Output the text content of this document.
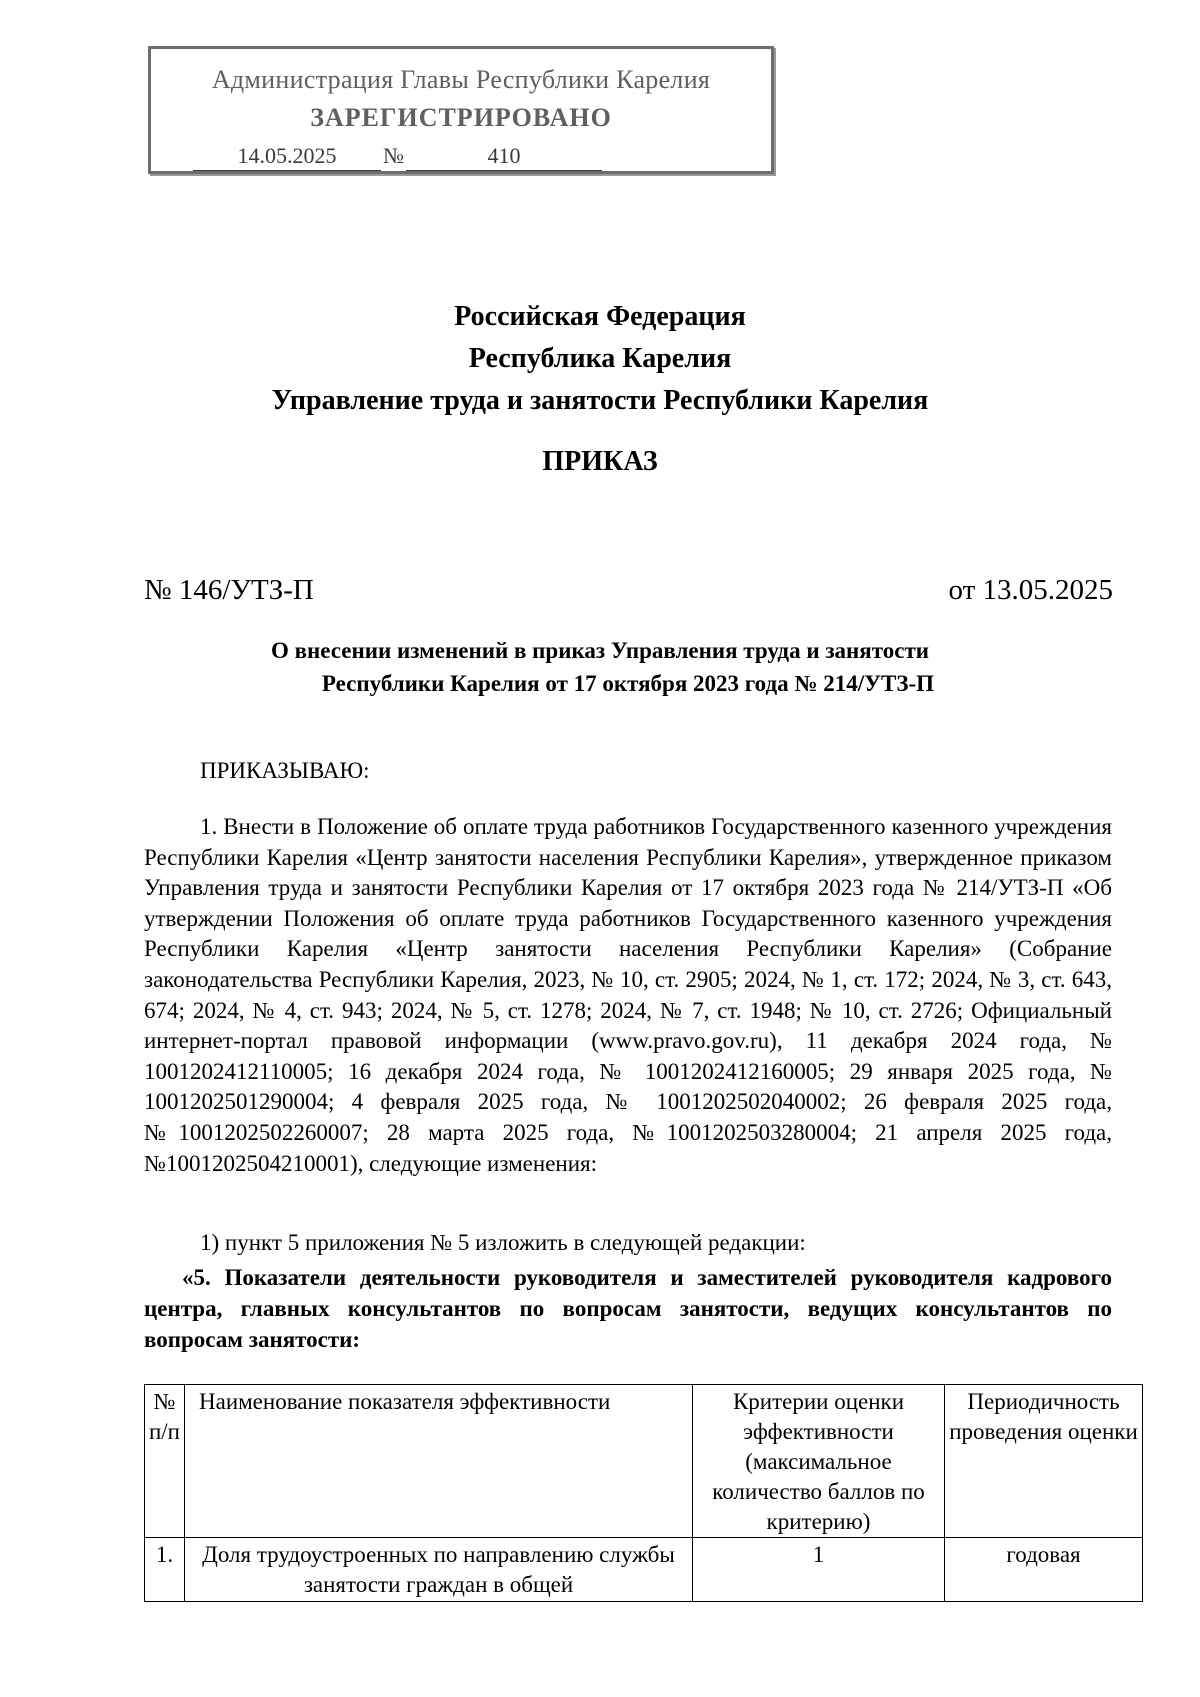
Администрация Главы Республики Карелия
ЗАРЕГИСТРИРОВАНО
14.05.2025 №	410
Российская Федерация
Республика Карелия
Управление труда и занятости Республики Карелия
ПРИКАЗ
№ 146/УТЗ-П	от 13.05.2025
О внесении изменений в приказ Управления труда и занятости
Республики Карелия от 17 октября 2023 года № 214/УТЗ-П
ПРИКАЗЫВАЮ:
1. Внести в Положение об оплате труда работников Государственного казенного учреждения Республики Карелия «Центр занятости населения Республики Карелия», утвержденное приказом Управления труда и занятости Республики Карелия от 17 октября 2023 года № 214/УТЗ-П «Об утверждении Положения об оплате труда работников Государственного казенного учреждения Республики Карелия «Центр занятости населения Республики Карелия» (Собрание законодательства Республики Карелия, 2023, № 10, ст. 2905; 2024, № 1, ст. 172; 2024, № 3, ст. 643, 674; 2024, № 4, ст. 943; 2024, № 5, ст. 1278; 2024, № 7, ст. 1948; № 10, ст. 2726; Официальный интернет-портал правовой информации (www.pravo.gov.ru), 11 декабря 2024 года, № 1001202412110005; 16 декабря 2024 года, № 1001202412160005; 29 января 2025 года, № 1001202501290004; 4 февраля 2025 года, № 1001202502040002; 26 февраля 2025 года, №1001202502260007; 28 марта 2025 года, №1001202503280004; 21 апреля 2025 года, №1001202504210001), следующие изменения:
1) пункт 5 приложения № 5 изложить в следующей редакции:
«5. Показатели деятельности руководителя и заместителей руководителя кадрового центра, главных консультантов по вопросам занятости, ведущих консультантов по вопросам занятости:
№ п/п	Наименование показателя эффективности	Критерии оценки эффективности (максимальное количество баллов по критерию)	Периодичность проведения оценки
1.	Доля трудоустроенных по направлению службы занятости граждан в общей	1	годовая
